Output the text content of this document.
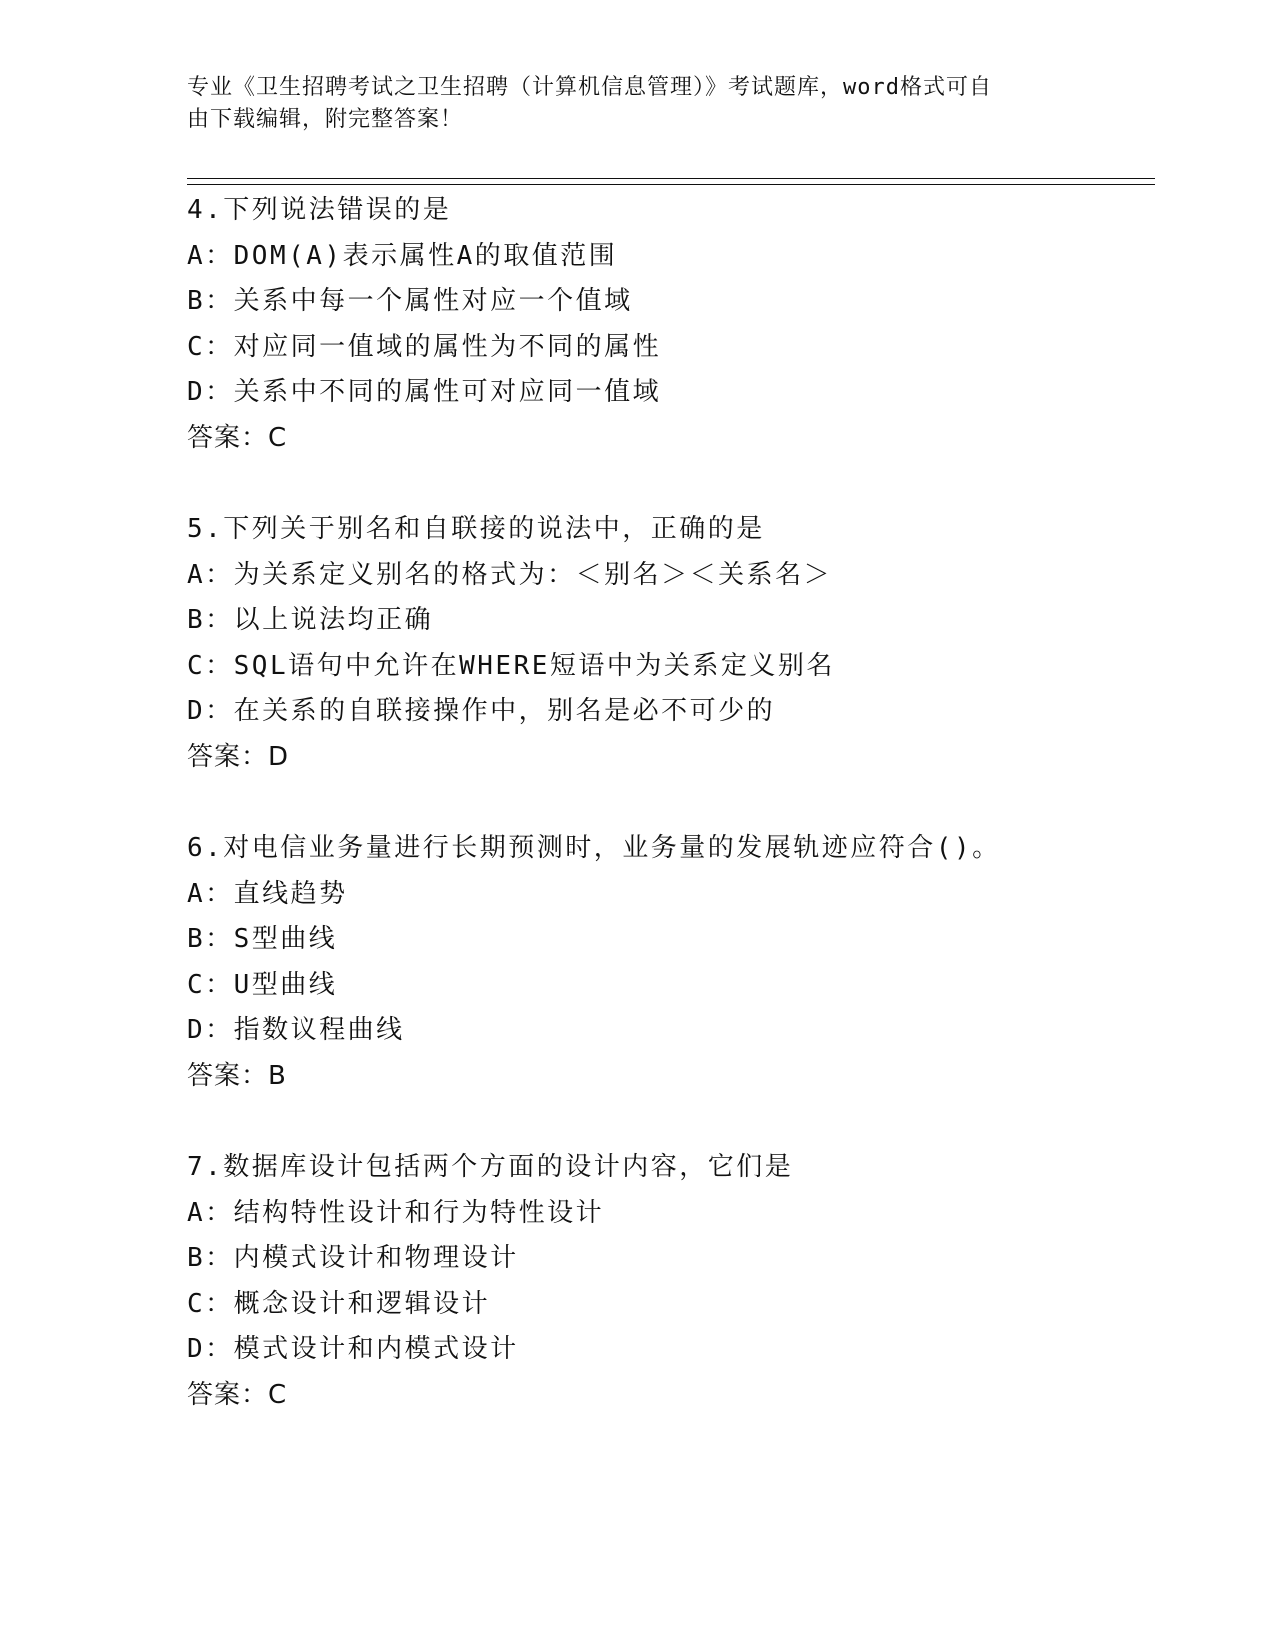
专业《卫生招聘考试之卫生招聘（计算机信息管理）》考试题库，word格式可自
由下载编辑，附完整答案！
4.下列说法错误的是
A：DOM(A)表示属性A的取值范围
B：关系中每一个属性对应一个值域
C：对应同一值域的属性为不同的属性
D：关系中不同的属性可对应同一值域
答案：C
5.下列关于别名和自联接的说法中，正确的是
A：为关系定义别名的格式为：＜别名＞＜关系名＞
B：以上说法均正确
C：SQL语句中允许在WHERE短语中为关系定义别名
D：在关系的自联接操作中，别名是必不可少的
答案：D
6.对电信业务量进行长期预测时，业务量的发展轨迹应符合()。
A：直线趋势
B：S型曲线
C：U型曲线
D：指数议程曲线
答案：B
7.数据库设计包括两个方面的设计内容，它们是
A：结构特性设计和行为特性设计
B：内模式设计和物理设计
C：概念设计和逻辑设计
D：模式设计和内模式设计
答案：C
